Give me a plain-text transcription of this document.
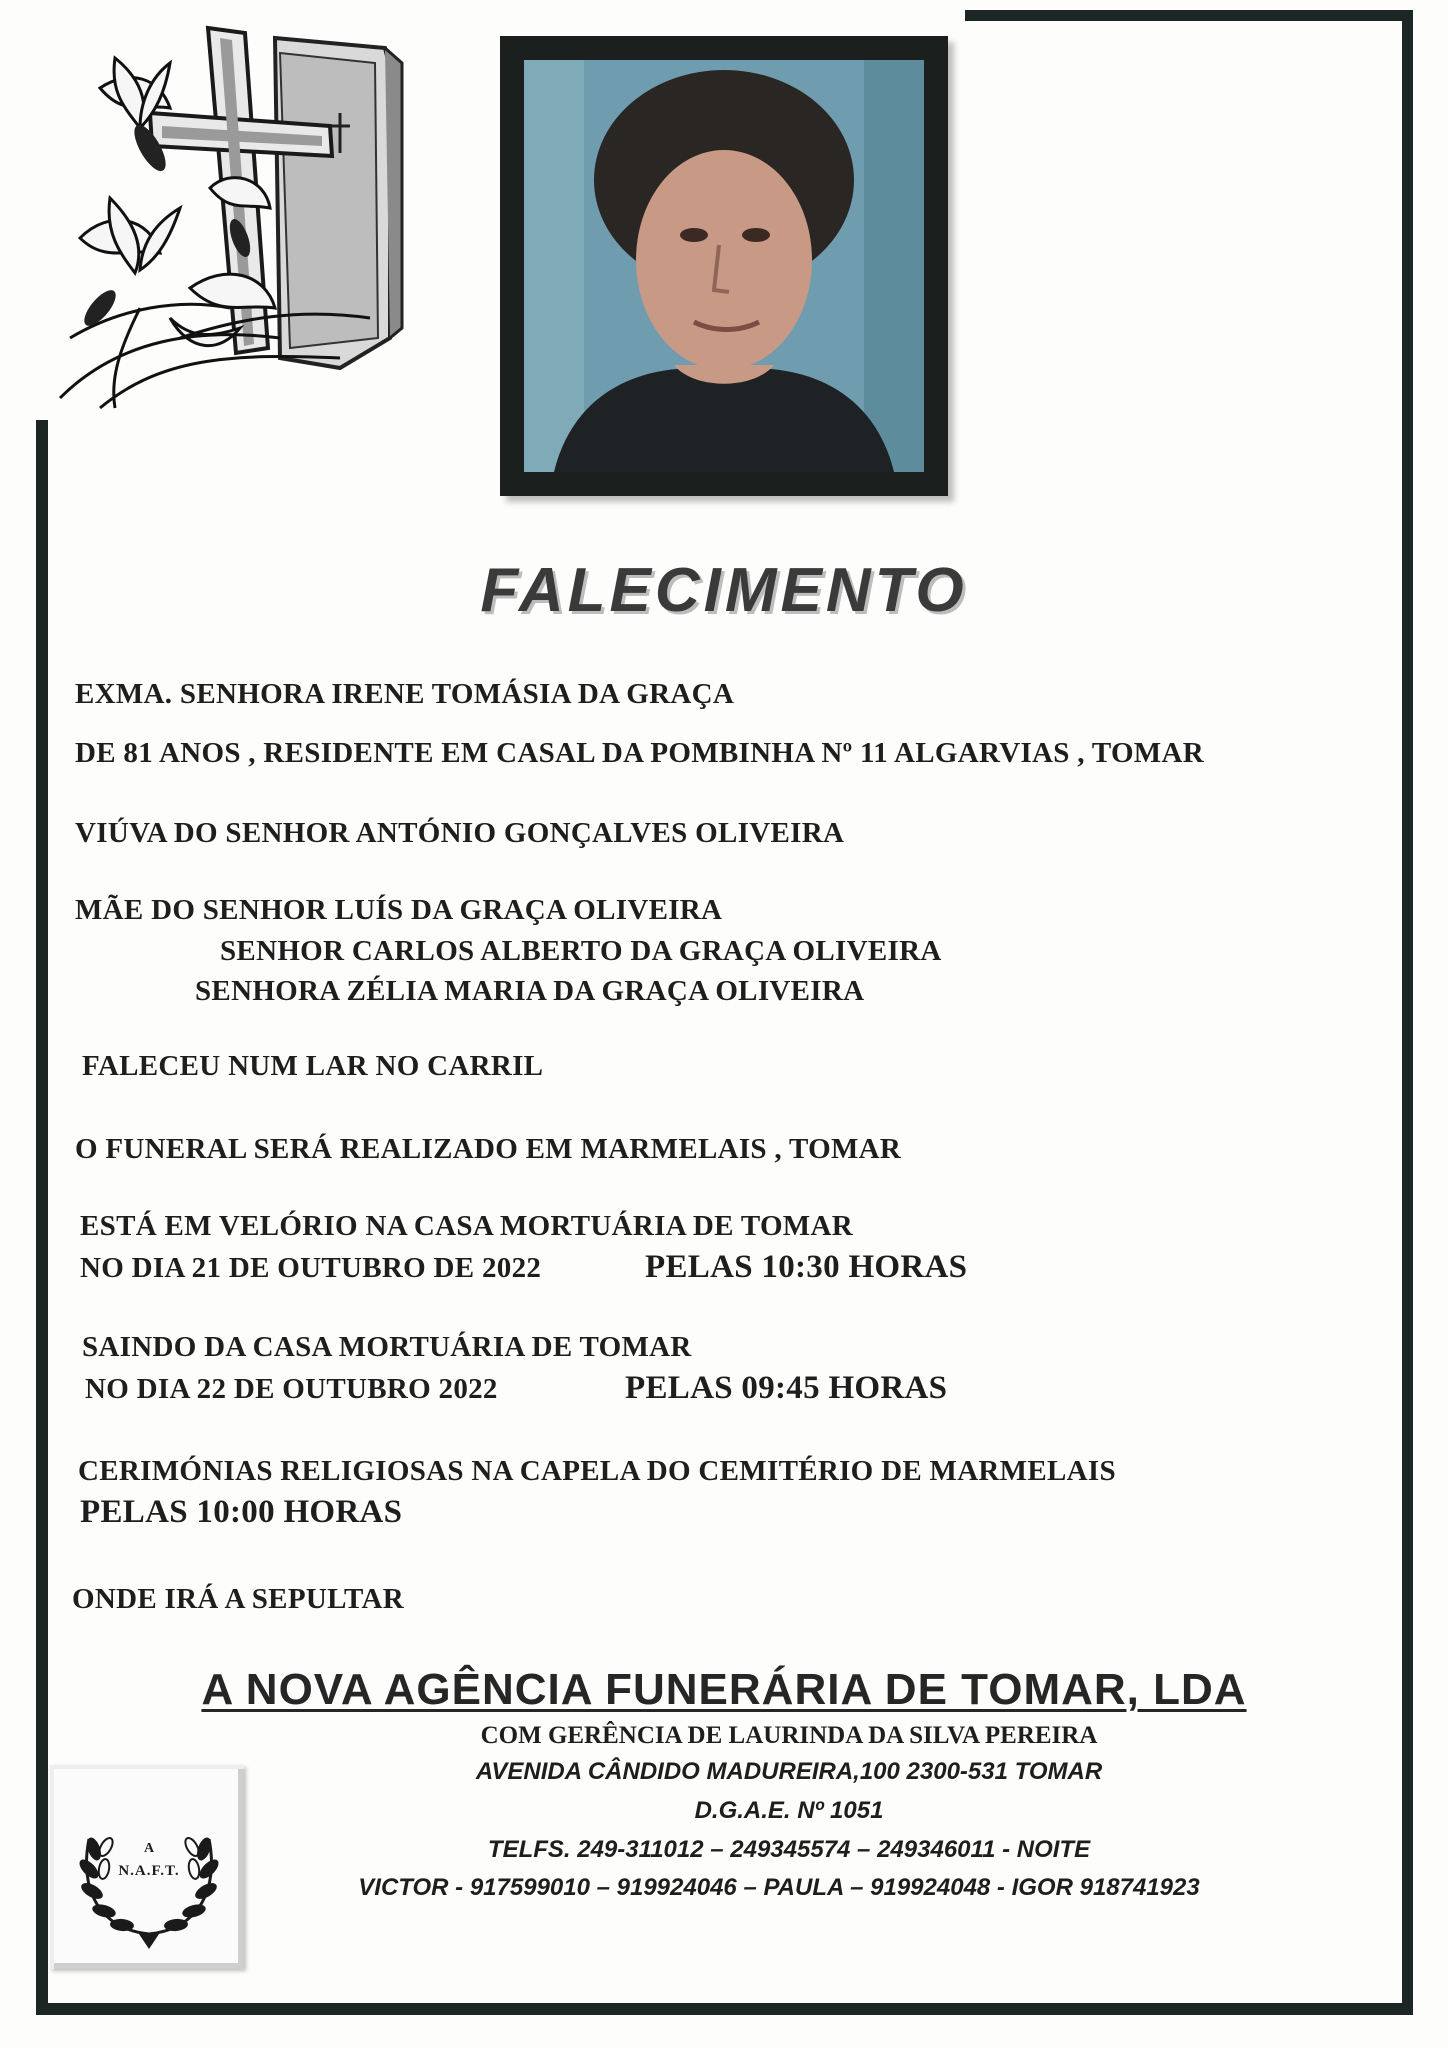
FALECIMENTO
EXMA. SENHORA IRENE TOMÁSIA DA GRAÇA
DE 81 ANOS , RESIDENTE EM CASAL DA POMBINHA Nº 11 ALGARVIAS , TOMAR
VIÚVA DO SENHOR ANTÓNIO GONÇALVES OLIVEIRA
MÃE DO SENHOR LUÍS DA GRAÇA OLIVEIRA
SENHOR CARLOS ALBERTO DA GRAÇA OLIVEIRA
SENHORA ZÉLIA MARIA DA GRAÇA OLIVEIRA
FALECEU NUM LAR NO CARRIL
O FUNERAL SERÁ REALIZADO EM MARMELAIS , TOMAR
ESTÁ EM VELÓRIO NA CASA MORTUÁRIA DE TOMAR
NO DIA 21 DE OUTUBRO DE 2022	PELAS 10:30 HORAS
SAINDO DA CASA MORTUÁRIA DE TOMAR
NO DIA 22 DE OUTUBRO 2022	PELAS 09:45 HORAS
CERIMÓNIAS RELIGIOSAS NA CAPELA DO CEMITÉRIO DE MARMELAIS
PELAS 10:00 HORAS
ONDE IRÁ A SEPULTAR
A NOVA AGÊNCIA FUNERÁRIA DE TOMAR, LDA
COM GERÊNCIA DE LAURINDA DA SILVA PEREIRA
AVENIDA CÂNDIDO MADUREIRA,100 2300-531 TOMAR
D.G.A.E. Nº 1051
TELFS. 249-311012 – 249345574 – 249346011 - NOITE
VICTOR - 917599010 – 919924046 – PAULA – 919924048 - IGOR 918741923
A
N.A.F.T.
